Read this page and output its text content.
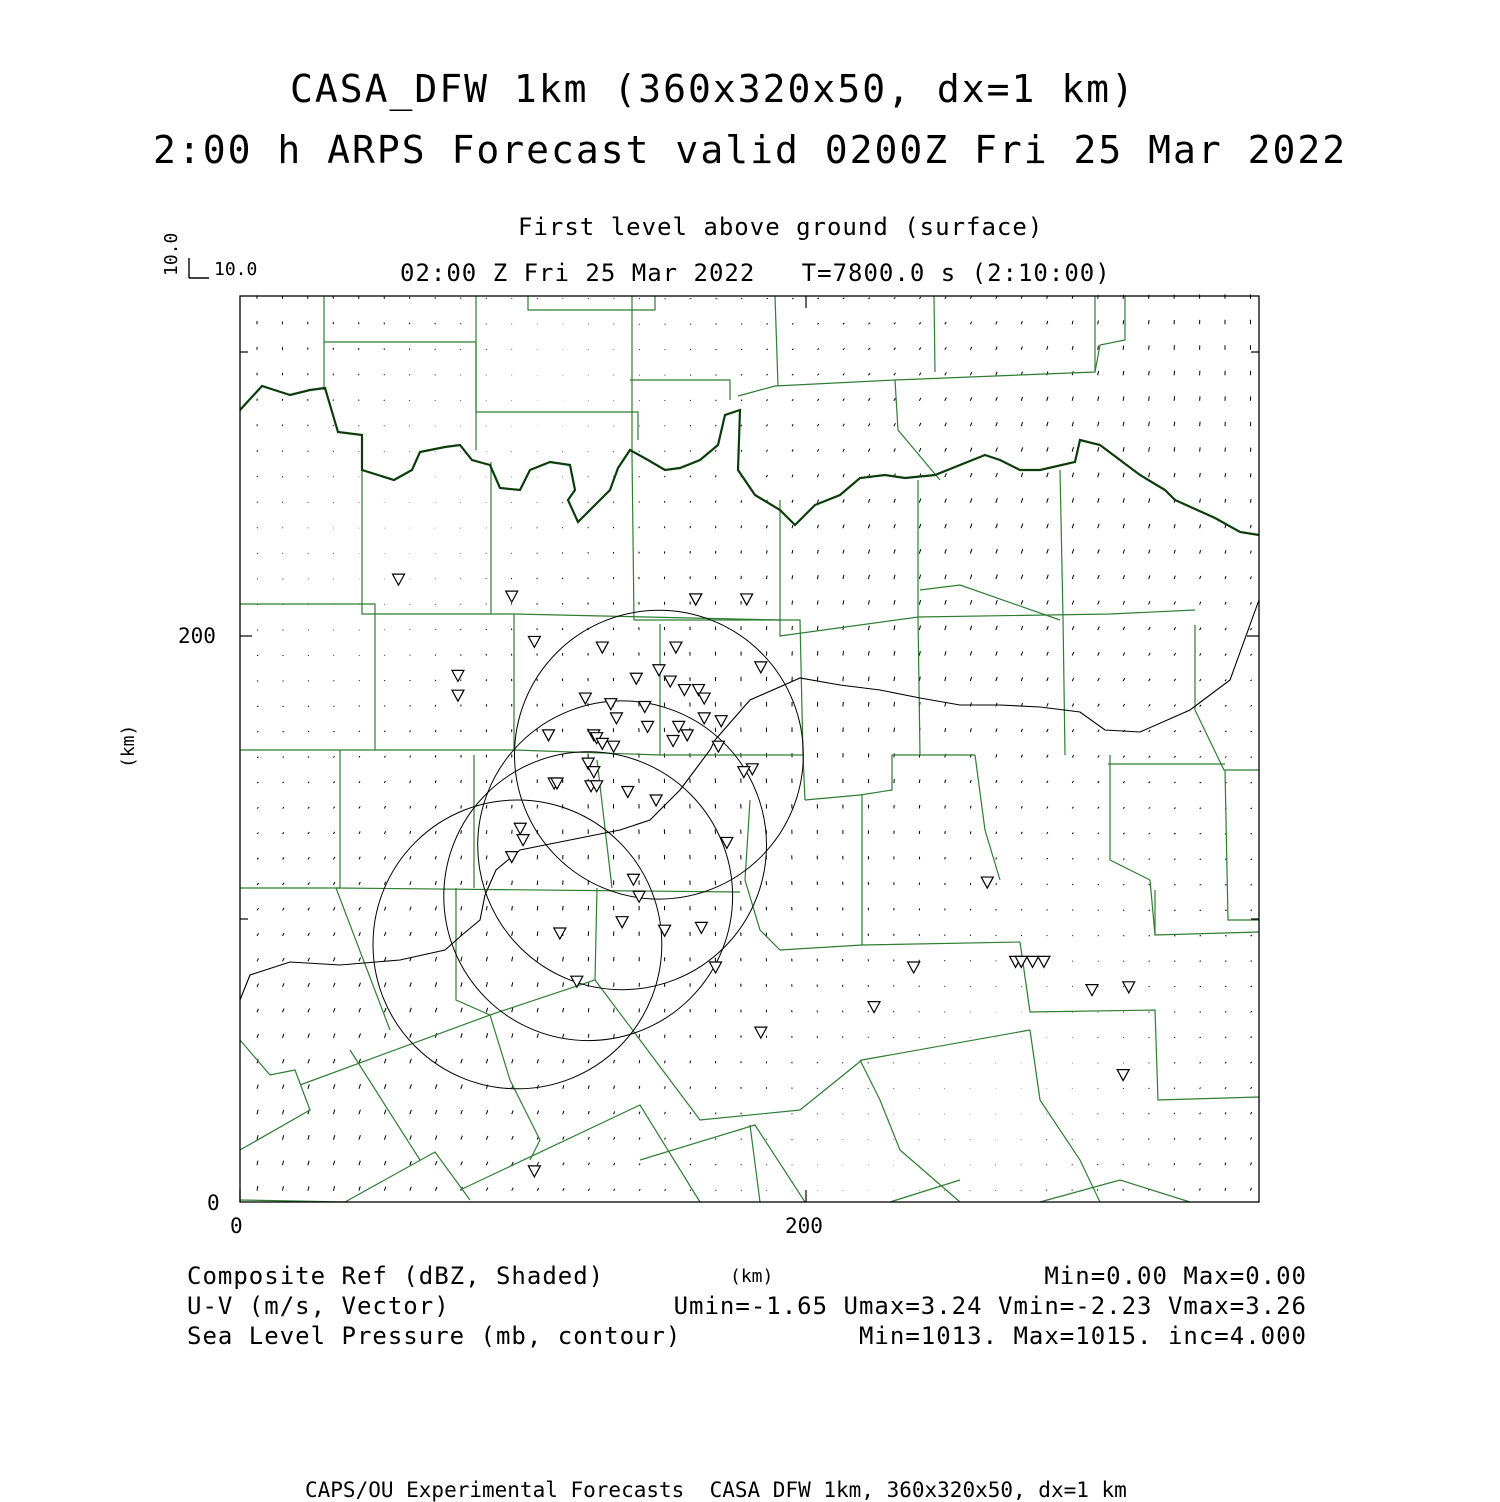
CASA_DFW 1km (360x320x50, dx=1 km)
2:00 h ARPS Forecast valid 0200Z Fri 25 Mar 2022
First level above ground (surface)
02:00 Z Fri 25 Mar 2022   T=7800.0 s (2:10:00)
10.0 10.0
0	200
0
200
(km)
(km)
Composite Ref (dBZ, Shaded)	Min=0.00 Max=0.00
U-V (m/s, Vector)	Umin=-1.65 Umax=3.24 Vmin=-2.23 Vmax=3.26
Sea Level Pressure (mb, contour)	Min=1013. Max=1015. inc=4.000
CAPS/OU Experimental Forecasts  CASA DFW 1km, 360x320x50, dx=1 km
